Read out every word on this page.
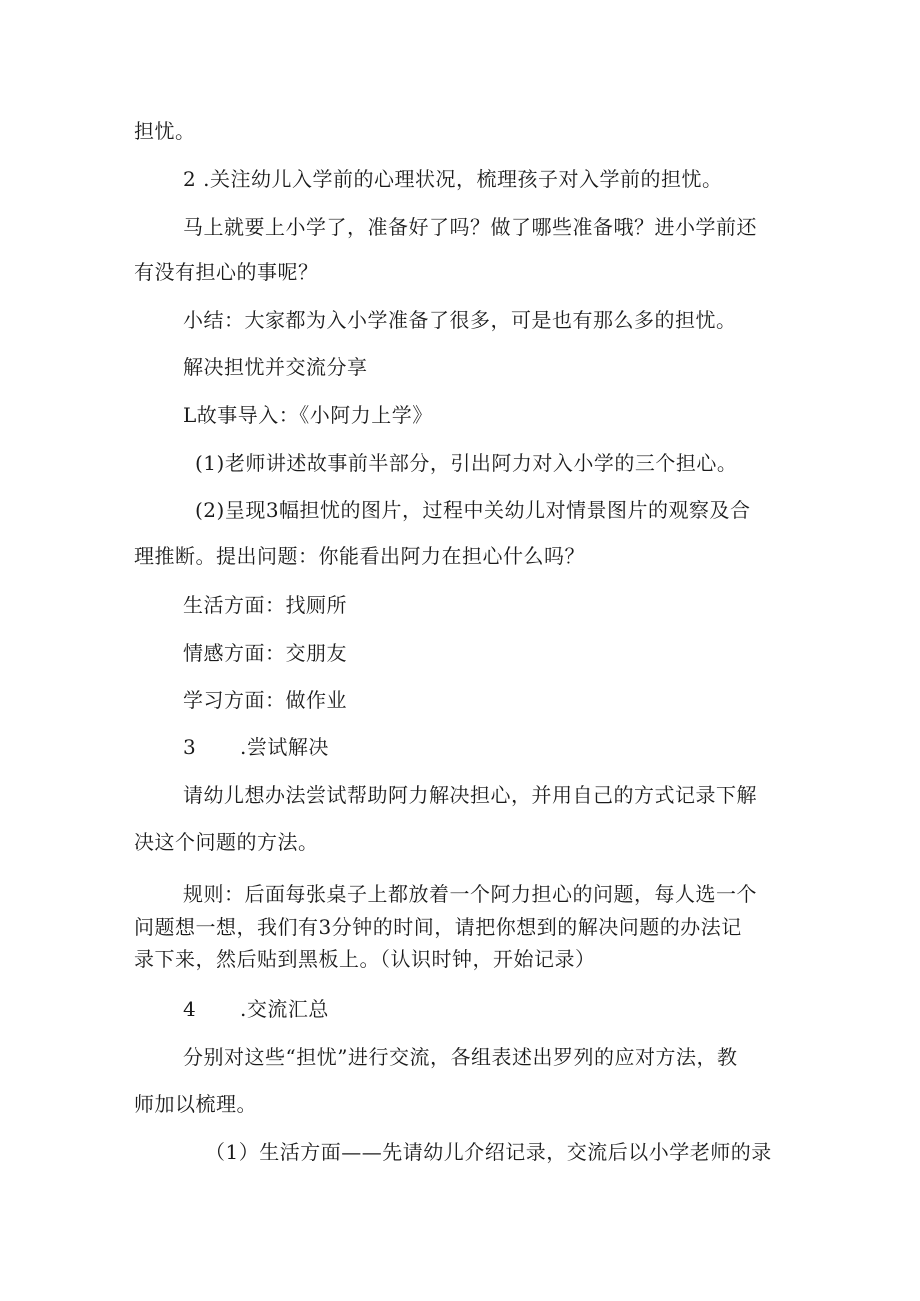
担忧。

2 .关注幼儿入学前的心理状况，梳理孩子对入学前的担忧。

马上就要上小学了，准备好了吗？做了哪些准备哦？进小学前还

有没有担心的事呢？

小结：大家都为入小学准备了很多，可是也有那么多的担忧。

解决担忧并交流分享

L故事导入：《小阿力上学》

(1)老师讲述故事前半部分，引出阿力对入小学的三个担心。

(2)呈现3幅担忧的图片，过程中关幼儿对情景图片的观察及合

理推断。提出问题：你能看出阿力在担心什么吗？

生活方面：找厕所

情感方面：交朋友

学习方面：做作业

3 .尝试解决

请幼儿想办法尝试帮助阿力解决担心，并用自己的方式记录下解

决这个问题的方法。

规则：后面每张桌子上都放着一个阿力担心的问题，每人选一个

问题想一想，我们有3分钟的时间，请把你想到的解决问题的办法记

录下来，然后贴到黑板上。（认识时钟，开始记录）

4 .交流汇总

分别对这些“担忧”进行交流，各组表述出罗列的应对方法，教

师加以梳理。

（1）生活方面——先请幼儿介绍记录，交流后以小学老师的录
